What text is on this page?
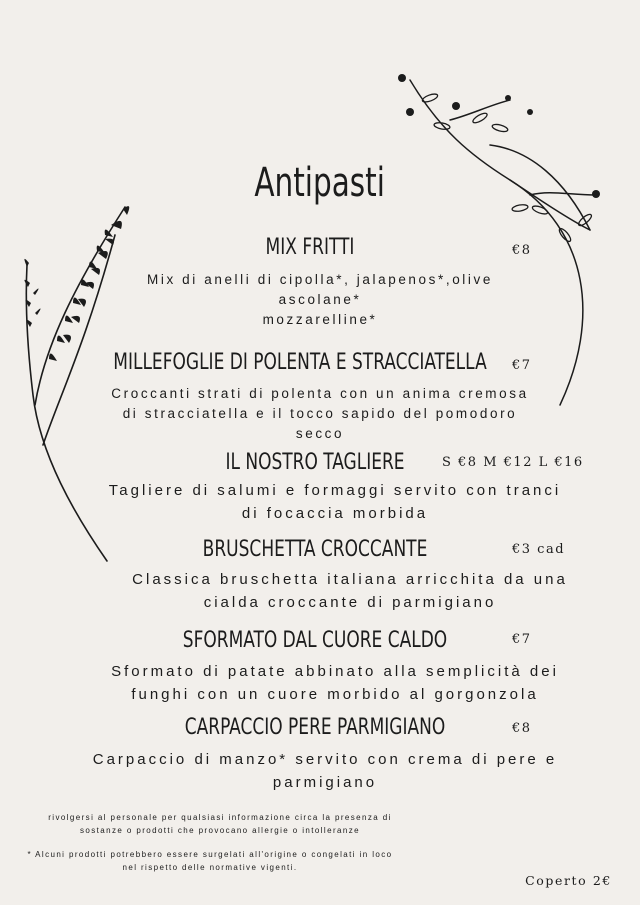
Antipasti
MIX FRITTI	€8
Mix di anelli di cipolla*, jalapenos*,olive
ascolane*
mozzarelline*
MILLEFOGLIE DI POLENTA E STRACCIATELLA €7
Croccanti strati di polenta con un anima cremosa
di stracciatella e il tocco sapido del pomodoro
secco
IL NOSTRO TAGLIERE	S €8 M €12 L €16
Tagliere di salumi e formaggi servito con tranci
di focaccia morbida
BRUSCHETTA CROCCANTE	€3 cad
Classica bruschetta italiana arricchita da una
cialda croccante di parmigiano
SFORMATO DAL CUORE CALDO	€7
Sformato di patate abbinato alla semplicità dei
funghi con un cuore morbido al gorgonzola
CARPACCIO PERE PARMIGIANO	€8
Carpaccio di manzo* servito con crema di pere e
parmigiano
rivolgersi al personale per qualsiasi informazione circa la presenza di
sostanze o prodotti che provocano allergie o intolleranze
* Alcuni prodotti potrebbero essere surgelati all'origine o congelati in loco
nel rispetto delle normative vigenti.
Coperto 2€
